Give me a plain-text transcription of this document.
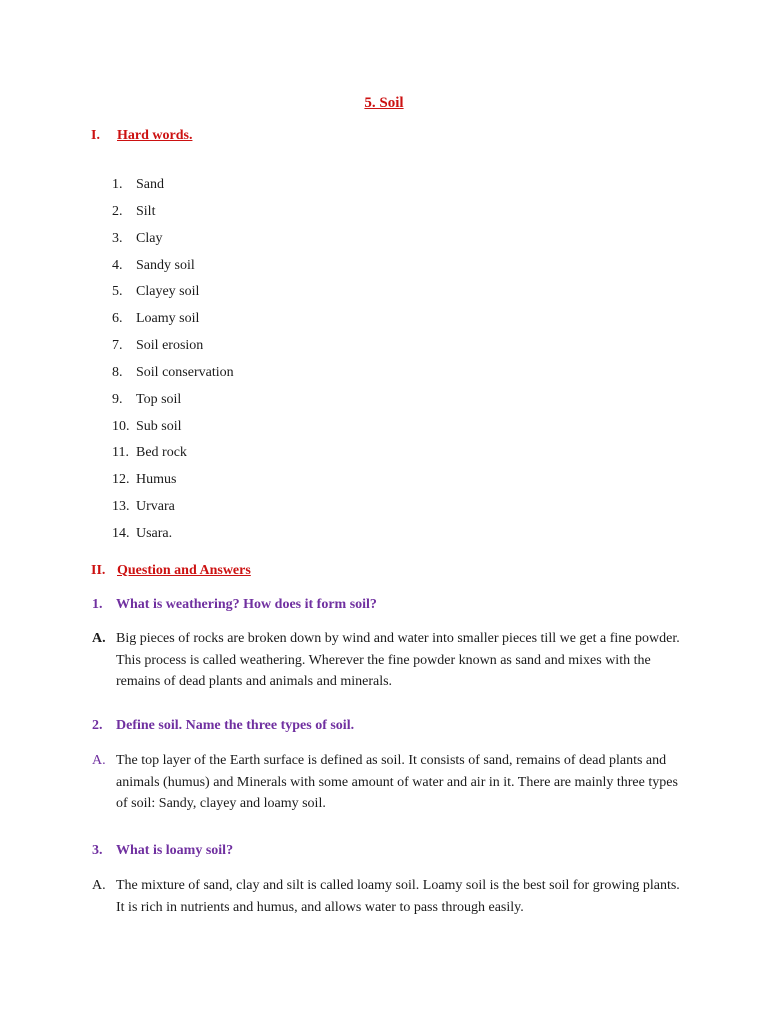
5. Soil
I. Hard words.
1. Sand
2. Silt
3. Clay
4. Sandy soil
5. Clayey soil
6. Loamy soil
7. Soil erosion
8. Soil conservation
9. Top soil
10. Sub soil
11. Bed rock
12. Humus
13. Urvara
14. Usara.
II. Question and Answers
1. What is weathering? How does it form soil?
A. Big pieces of rocks are broken down by wind and water into smaller pieces till we get a fine powder. This process is called weathering. Wherever the fine powder known as sand and mixes with the remains of dead plants and animals and minerals.
2. Define soil. Name the three types of soil.
A. The top layer of the Earth surface is defined as soil. It consists of sand, remains of dead plants and animals (humus) and Minerals with some amount of water and air in it. There are mainly three types of soil: Sandy, clayey and loamy soil.
3. What is loamy soil?
A. The mixture of sand, clay and silt is called loamy soil. Loamy soil is the best soil for growing plants. It is rich in nutrients and humus, and allows water to pass through easily.
